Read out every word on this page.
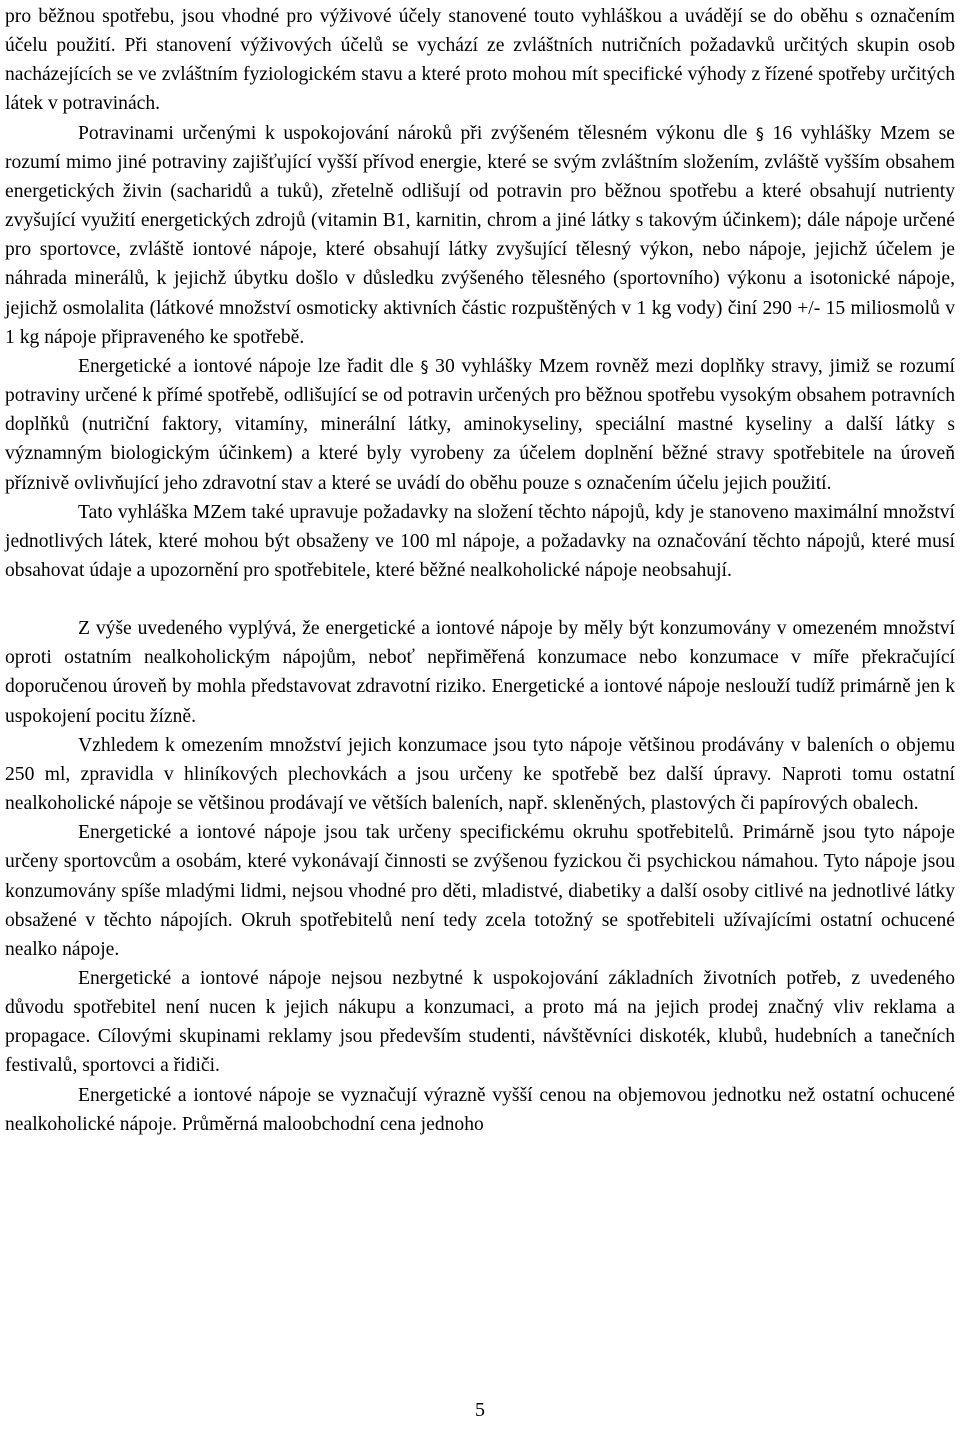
pro běžnou spotřebu, jsou vhodné pro výživové účely stanovené touto vyhláškou a uvádějí se do oběhu s označením účelu použití. Při stanovení výživových účelů se vychází ze zvláštních nutričních požadavků určitých skupin osob nacházejících se ve zvláštním fyziologickém stavu a které proto mohou mít specifické výhody z řízené spotřeby určitých látek v potravinách.

Potravinami určenými k uspokojování nároků při zvýšeném tělesném výkonu dle § 16 vyhlášky Mzem se rozumí mimo jiné potraviny zajišťující vyšší přívod energie, které se svým zvláštním složením, zvláště vyšším obsahem energetických živin (sacharidů a tuků), zřetelně odlišují od potravin pro běžnou spotřebu a které obsahují nutrienty zvyšující využití energetických zdrojů (vitamin B1, karnitin, chrom a jiné látky s takovým účinkem); dále nápoje určené pro sportovce, zvláště iontové nápoje, které obsahují látky zvyšující tělesný výkon, nebo nápoje, jejichž účelem je náhrada minerálů, k jejichž úbytku došlo v důsledku zvýšeného tělesného (sportovního) výkonu a isotonické nápoje, jejichž osmolalita (látkové množství osmoticky aktivních částic rozpuštěných v 1 kg vody) činí 290 +/- 15 miliosmolů v 1 kg nápoje připraveného ke spotřebě.

Energetické a iontové nápoje lze řadit dle § 30 vyhlášky Mzem rovněž mezi doplňky stravy, jimiž se rozumí potraviny určené k přímé spotřebě, odlišující se od potravin určených pro běžnou spotřebu vysokým obsahem potravních doplňků (nutriční faktory, vitamíny, minerální látky, aminokyseliny, speciální mastné kyseliny a další látky s významným biologickým účinkem) a které byly vyrobeny za účelem doplnění běžné stravy spotřebitele na úroveň příznivě ovlivňující jeho zdravotní stav a které se uvádí do oběhu pouze s označením účelu jejich použití.

Tato vyhláška MZem také upravuje požadavky na složení těchto nápojů, kdy je stanoveno maximální množství jednotlivých látek, které mohou být obsaženy ve 100 ml nápoje, a požadavky na označování těchto nápojů, které musí obsahovat údaje a upozornění pro spotřebitele, které běžné nealkoholické nápoje neobsahují.

Z výše uvedeného vyplývá, že energetické a iontové nápoje by měly být konzumovány v omezeném množství oproti ostatním nealkoholickým nápojům, neboť nepřiměřená konzumace nebo konzumace v míře překračující doporučenou úroveň by mohla představovat zdravotní riziko. Energetické a iontové nápoje neslouží tudíž primárně jen k uspokojení pocitu žízně.

Vzhledem k omezením množství jejich konzumace jsou tyto nápoje většinou prodávány v baleních o objemu 250 ml, zpravidla v hliníkových plechovkách a jsou určeny ke spotřebě bez další úpravy. Naproti tomu ostatní nealkoholické nápoje se většinou prodávají ve větších baleních, např. skleněných, plastových či papírových obalech.

Energetické a iontové nápoje jsou tak určeny specifickému okruhu spotřebitelů. Primárně jsou tyto nápoje určeny sportovcům a osobám, které vykonávají činnosti se zvýšenou fyzickou či psychickou námahou. Tyto nápoje jsou konzumovány spíše mladými lidmi, nejsou vhodné pro děti, mladistvé, diabetiky a další osoby citlivé na jednotlivé látky obsažené v těchto nápojích. Okruh spotřebitelů není tedy zcela totožný se spotřebiteli užívajícími ostatní ochucené nealko nápoje.

Energetické a iontové nápoje nejsou nezbytné k uspokojování základních životních potřeb, z uvedeného důvodu spotřebitel není nucen k jejich nákupu a konzumaci, a proto má na jejich prodej značný vliv reklama a propagace. Cílovými skupinami reklamy jsou především studenti, návštěvníci diskoték, klubů, hudebních a tanečních festivalů, sportovci a řidiči.

Energetické a iontové nápoje se vyznačují výrazně vyšší cenou na objemovou jednotku než ostatní ochucené nealkoholické nápoje. Průměrná maloobchodní cena jednoho

5
